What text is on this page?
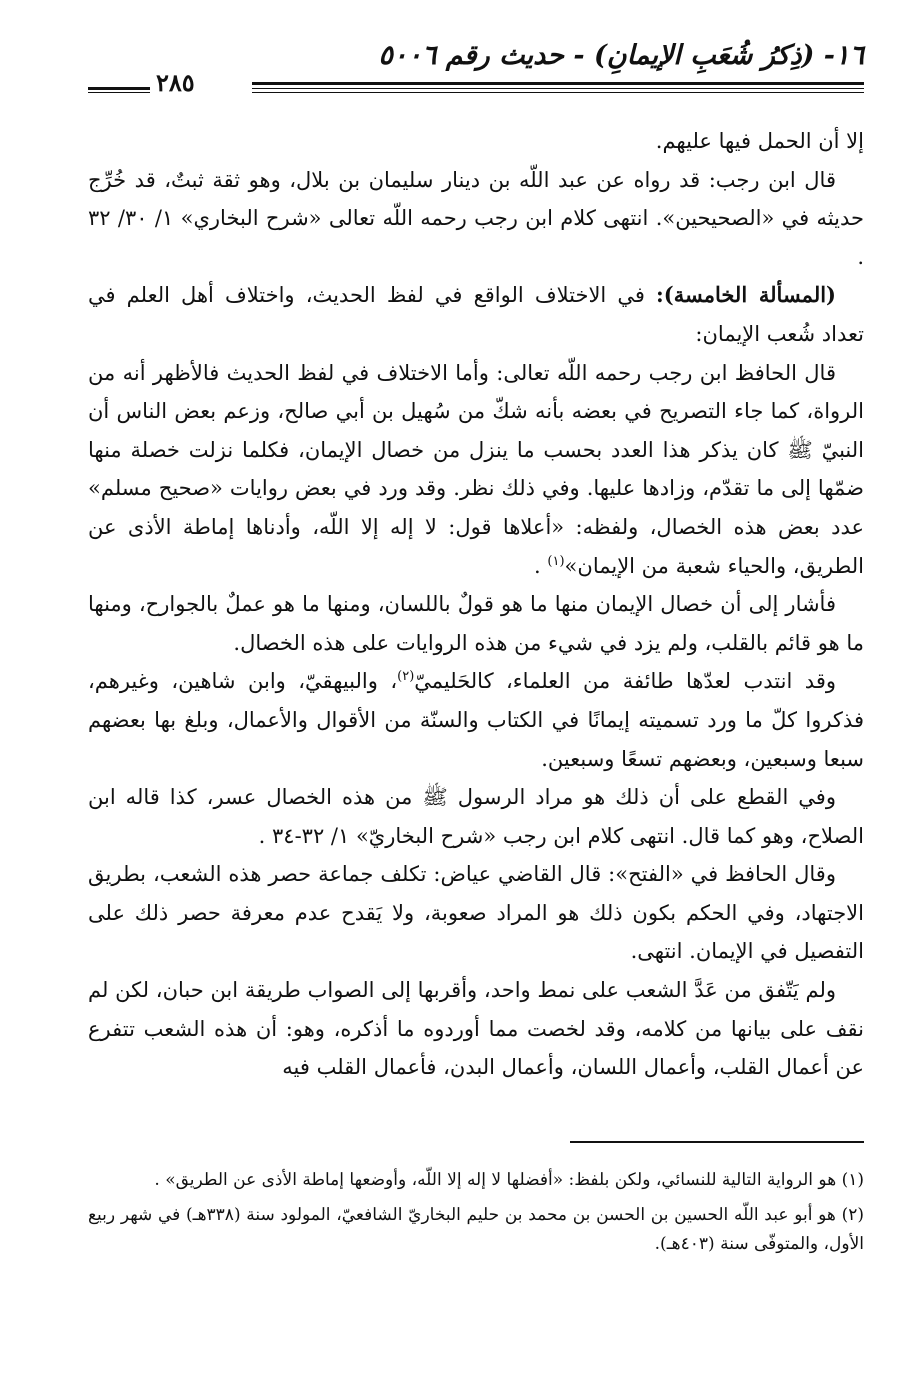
١٦- (ذِكرُ شُعَبِ الإيمانِ) - حديث رقم ٥٠٠٦
٢٨٥

إلا أن الحمل فيها عليهم.

قال ابن رجب: قد رواه عن عبد اللّه بن دينار سليمان بن بلال، وهو ثقة ثبتٌ، قد خُرِّج حديثه في «الصحيحين». انتهى كلام ابن رجب رحمه اللّه تعالى «شرح البخاري» ١/ ٣٠/ ٣٢ .

(المسألة الخامسة): في الاختلاف الواقع في لفظ الحديث، واختلاف أهل العلم في تعداد شُعب الإيمان:

قال الحافظ ابن رجب رحمه اللّه تعالى: وأما الاختلاف في لفظ الحديث فالأظهر أنه من الرواة، كما جاء التصريح في بعضه بأنه شكّ من سُهيل بن أبي صالح، وزعم بعض الناس أن النبيّ ﷺ كان يذكر هذا العدد بحسب ما ينزل من خصال الإيمان، فكلما نزلت خصلة منها ضمّها إلى ما تقدّم، وزادها عليها. وفي ذلك نظر. وقد ورد في بعض روايات «صحيح مسلم» عدد بعض هذه الخصال، ولفظه: «أعلاها قول: لا إله إلا اللّه، وأدناها إماطة الأذى عن الطريق، والحياء شعبة من الإيمان»$^{(١)}$ .

فأشار إلى أن خصال الإيمان منها ما هو قولٌ باللسان، ومنها ما هو عملٌ بالجوارح، ومنها ما هو قائم بالقلب، ولم يزد في شيء من هذه الروايات على هذه الخصال.

وقد انتدب لعدّها طائفة من العلماء، كالحَليميّ$^{(٢)}$، والبيهقيّ، وابن شاهين، وغيرهم، فذكروا كلّ ما ورد تسميته إيمانًا في الكتاب والسنّة من الأقوال والأعمال، وبلغ بها بعضهم سبعا وسبعين، وبعضهم تسعًا وسبعين.

وفي القطع على أن ذلك هو مراد الرسول ﷺ من هذه الخصال عسر، كذا قاله ابن الصلاح، وهو كما قال. انتهى كلام ابن رجب «شرح البخاريّ» ١/ ٣٢-٣٤ .

وقال الحافظ في «الفتح»: قال القاضي عياض: تكلف جماعة حصر هذه الشعب، بطريق الاجتهاد، وفي الحكم بكون ذلك هو المراد صعوبة، ولا يَقدح عدم معرفة حصر ذلك على التفصيل في الإيمان. انتهى.

ولم يَتّفق من عَدَّ الشعب على نمط واحد، وأقربها إلى الصواب طريقة ابن حبان، لكن لم نقف على بيانها من كلامه، وقد لخصت مما أوردوه ما أذكره، وهو: أن هذه الشعب تتفرع عن أعمال القلب، وأعمال اللسان، وأعمال البدن، فأعمال القلب فيه

(١) هو الرواية التالية للنسائي، ولكن بلفظ: «أفضلها لا إله إلا اللّه، وأوضعها إماطة الأذى عن الطريق» .

(٢) هو أبو عبد اللّه الحسين بن الحسن بن محمد بن حليم البخاريّ الشافعيّ، المولود سنة (٣٣٨هـ) في شهر ربيع الأول، والمتوفّى سنة (٤٠٣هـ).
